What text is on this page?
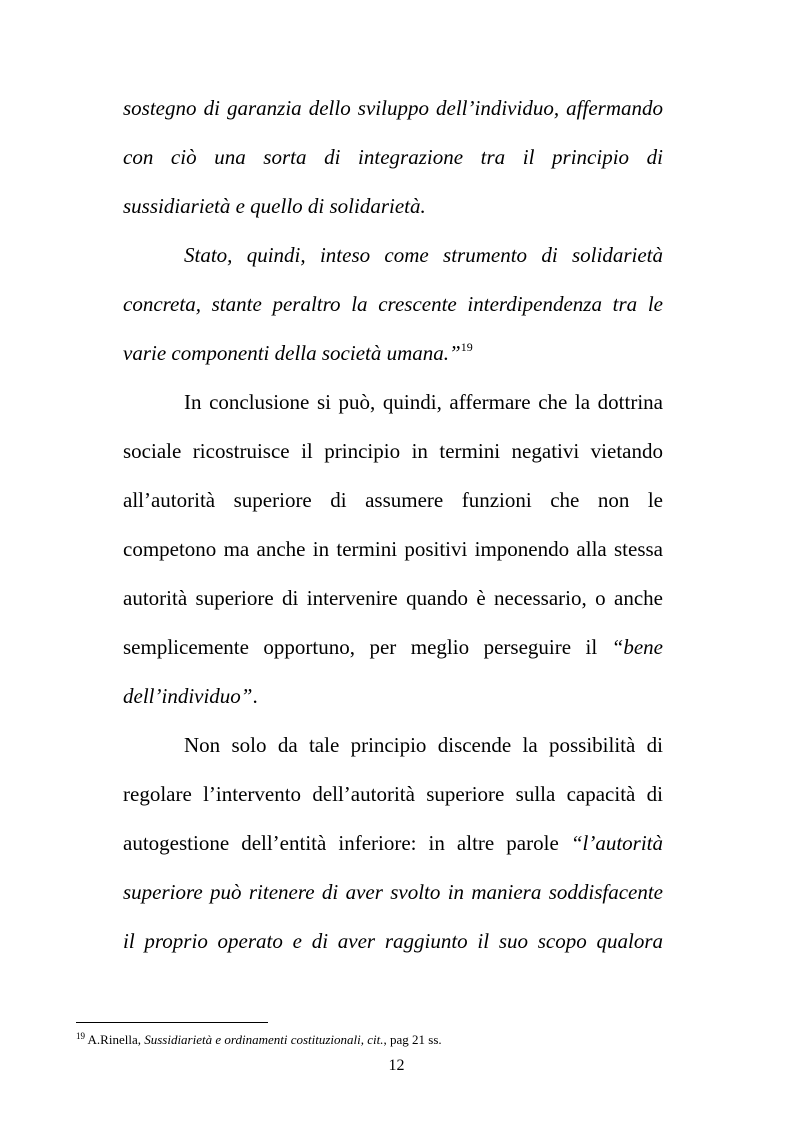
sostegno di garanzia dello sviluppo dell’individuo, affermando
con ciò una sorta di integrazione tra il principio di
sussidiarietà e quello di solidarietà.
Stato, quindi, inteso come strumento di solidarietà
concreta, stante peraltro la crescente interdipendenza tra le
varie componenti della società umana.”$^{19}$
In conclusione si può, quindi, affermare che la dottrina
sociale ricostruisce il principio in termini negativi vietando
all’autorità superiore di assumere funzioni che non le
competono ma anche in termini positivi imponendo alla stessa
autorità superiore di intervenire quando è necessario, o anche
semplicemente opportuno, per meglio perseguire il “bene
dell’individuo”.
Non solo da tale principio discende la possibilità di
regolare l’intervento dell’autorità superiore sulla capacità di
autogestione dell’entità inferiore: in altre parole “l’autorità
superiore può ritenere di aver svolto in maniera soddisfacente
il proprio operato e di aver raggiunto il suo scopo qualora
$^{19}$ A.Rinella, Sussidiarietà e ordinamenti costituzionali, cit., pag 21 ss.
12
